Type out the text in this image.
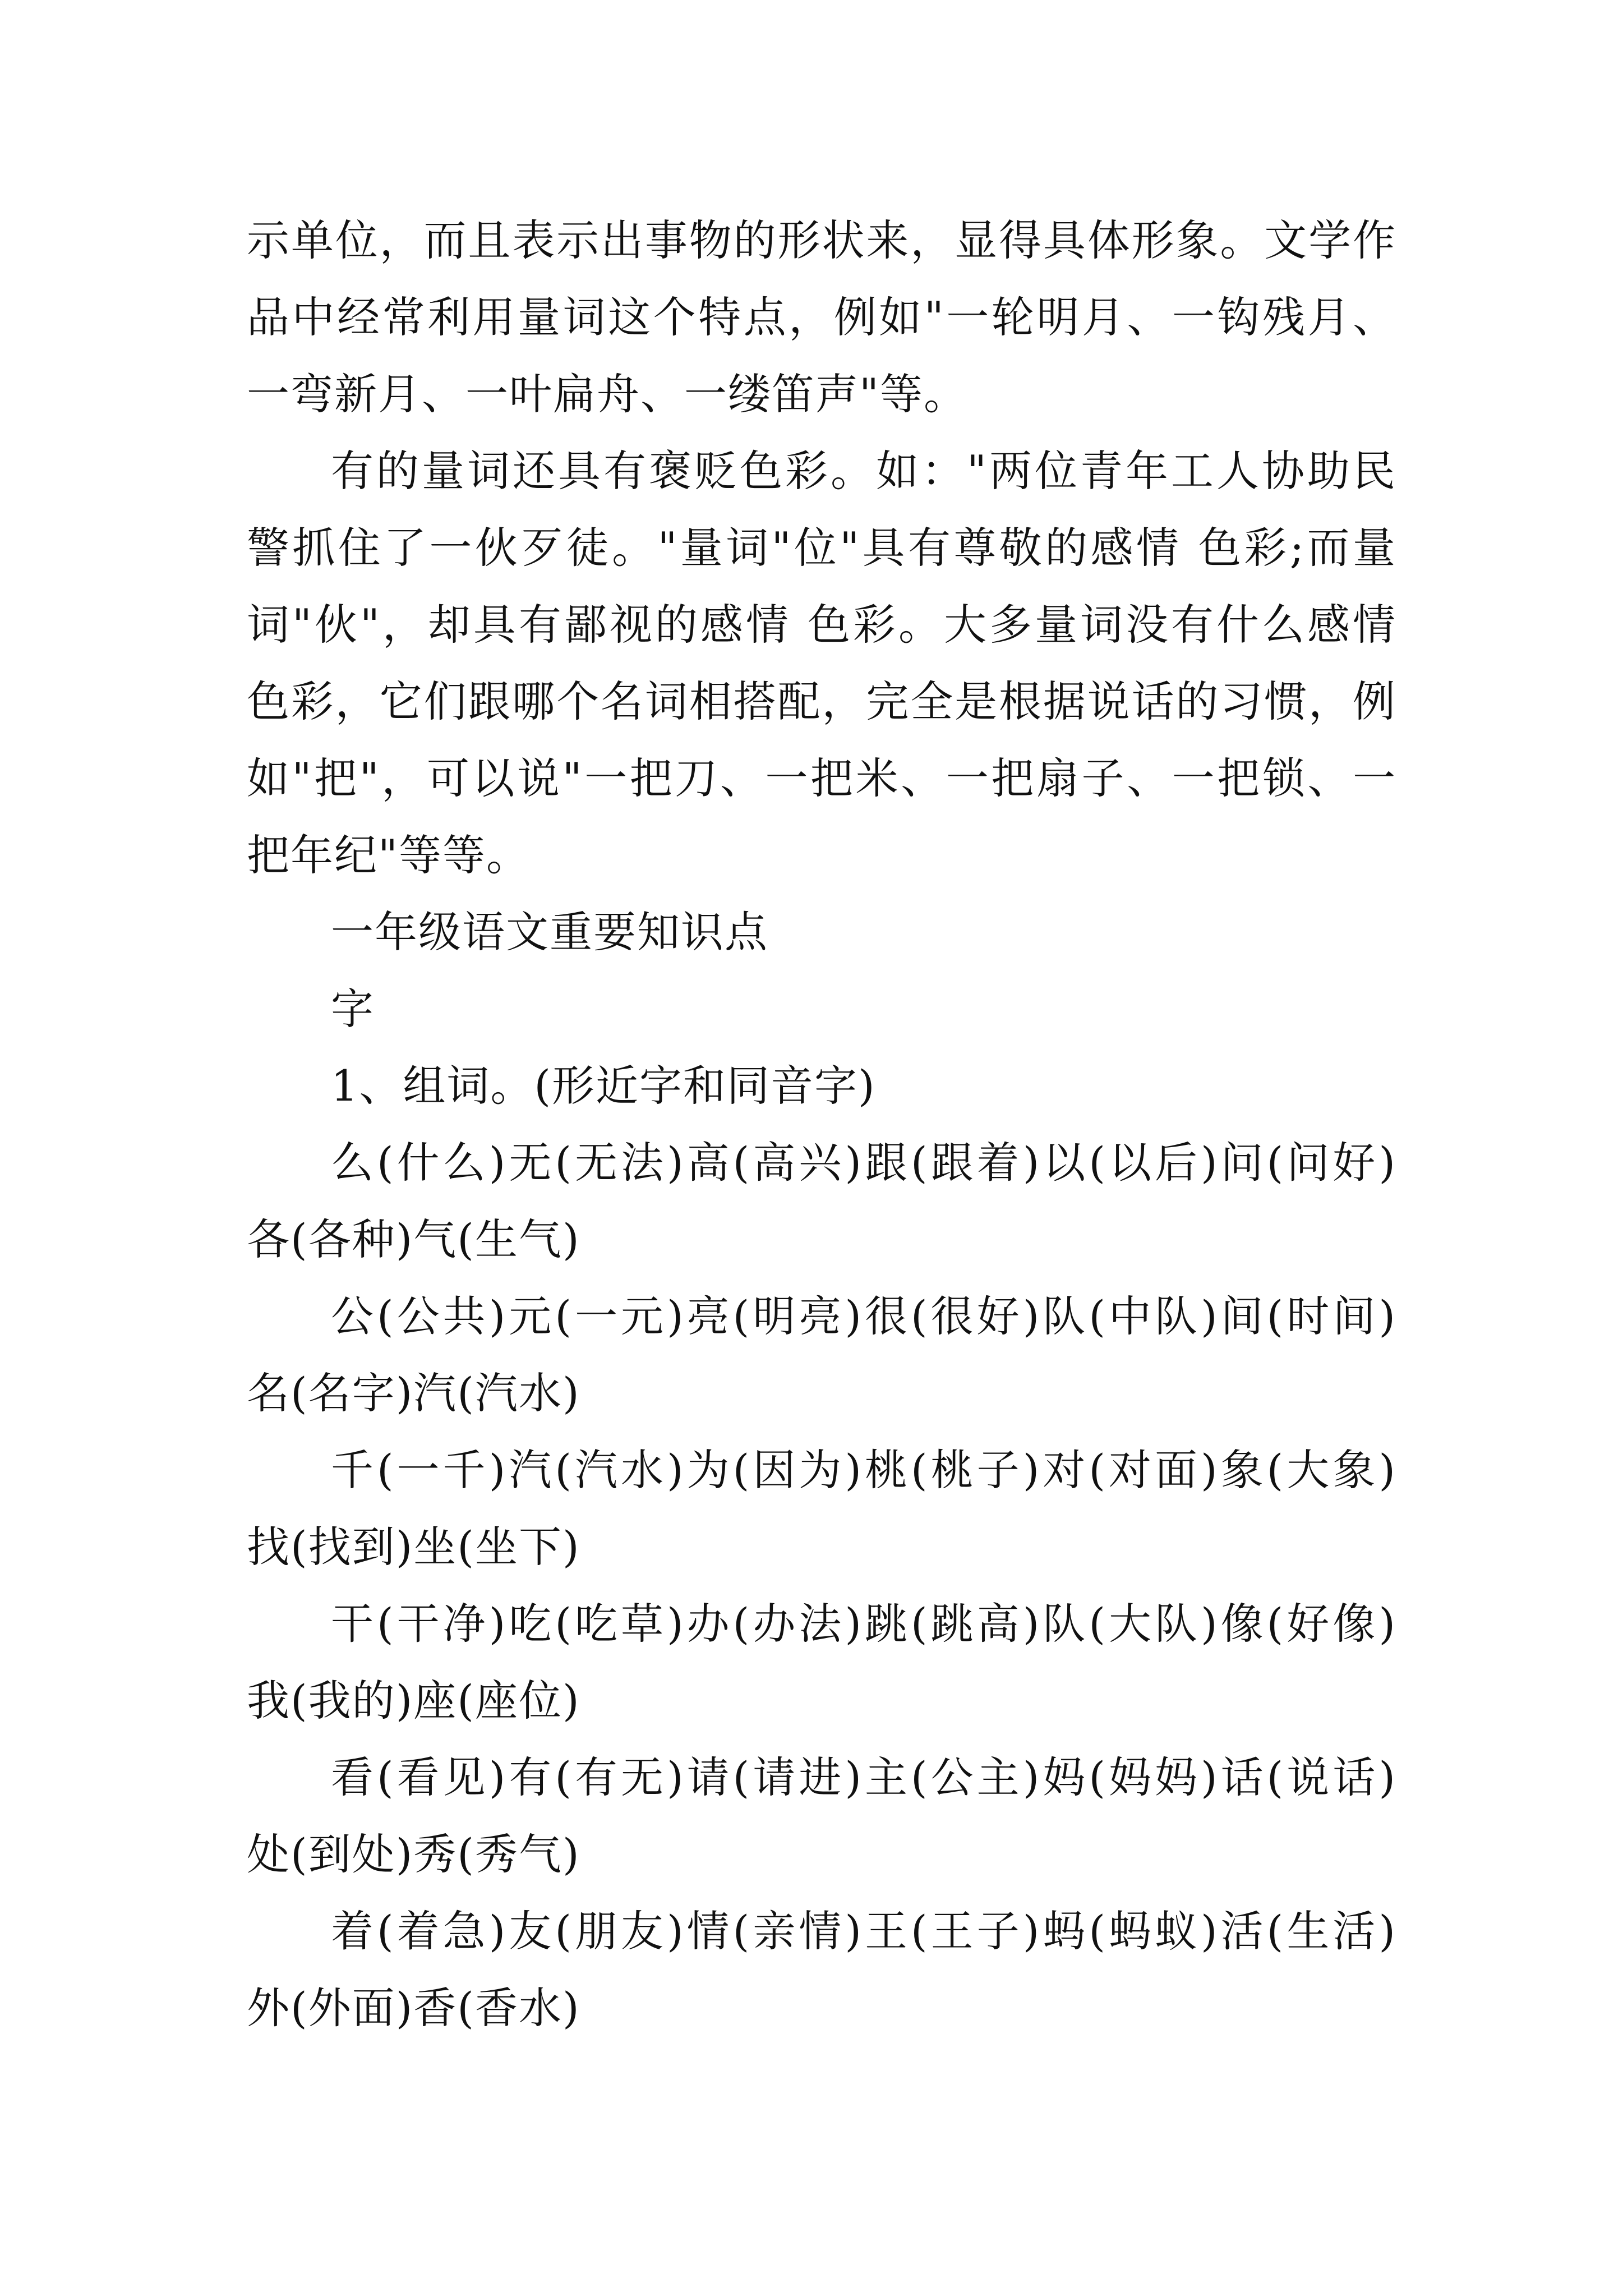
示单位，而且表示出事物的形状来，显得具体形象。文学作
品中经常利用量词这个特点，例如"一轮明月、一钩残月、
一弯新月、一叶扁舟、一缕笛声"等。
有的量词还具有褒贬色彩。如："两位青年工人协助民
警抓住了一伙歹徒。"量词"位"具有尊敬的感情 色彩;而量
词"伙"，却具有鄙视的感情 色彩。大多量词没有什么感情
色彩，它们跟哪个名词相搭配，完全是根据说话的习惯，例
如"把"，可以说"一把刀、一把米、一把扇子、一把锁、一
把年纪"等等。
一年级语文重要知识点
字
1、组词。(形近字和同音字)
么(什么)无(无法)高(高兴)跟(跟着)以(以后)问(问好)
各(各种)气(生气)
公(公共)元(一元)亮(明亮)很(很好)队(中队)间(时间)
名(名字)汽(汽水)
千(一千)汽(汽水)为(因为)桃(桃子)对(对面)象(大象)
找(找到)坐(坐下)
干(干净)吃(吃草)办(办法)跳(跳高)队(大队)像(好像)
我(我的)座(座位)
看(看见)有(有无)请(请进)主(公主)妈(妈妈)话(说话)
处(到处)秀(秀气)
着(着急)友(朋友)情(亲情)王(王子)蚂(蚂蚁)活(生活)
外(外面)香(香水)
